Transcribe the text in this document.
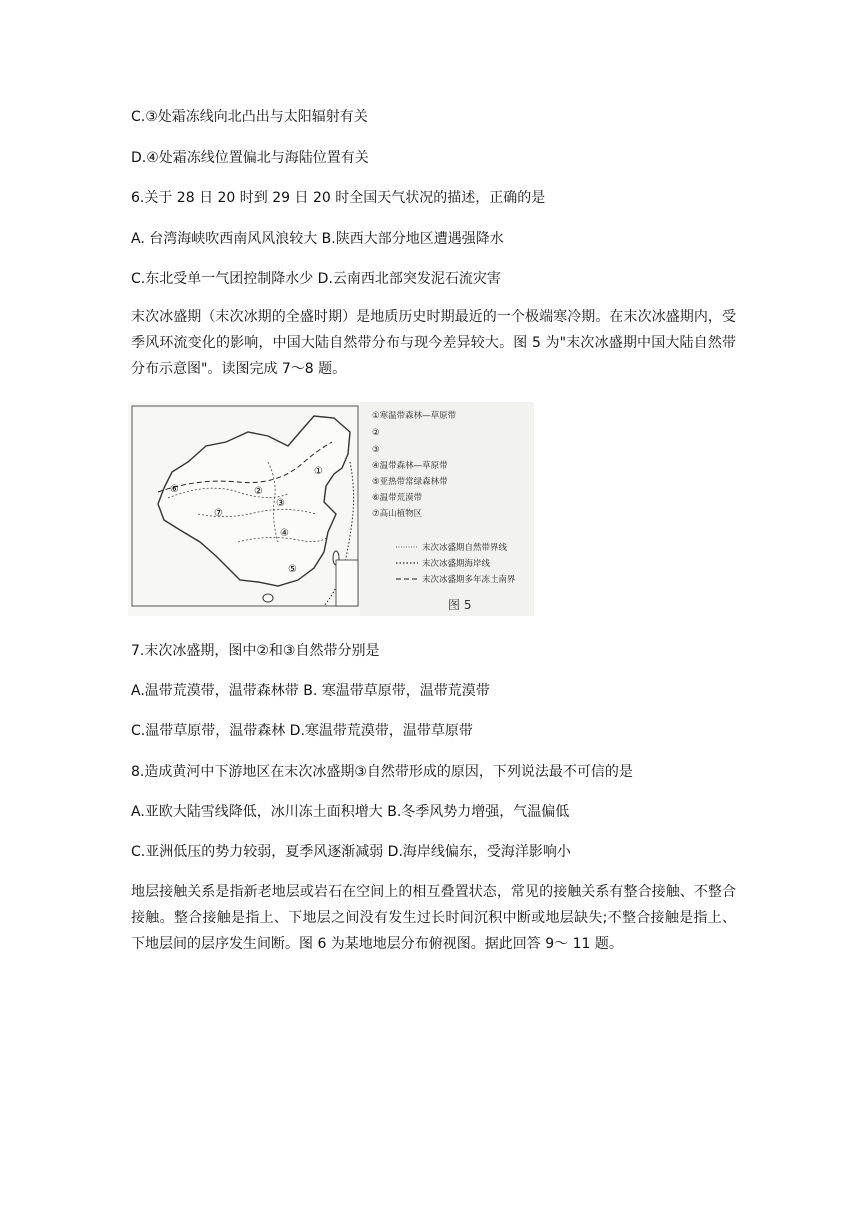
C.③处霜冻线向北凸出与太阳辐射有关
D.④处霜冻线位置偏北与海陆位置有关
6.关于 28 日 20 时到 29 日 20 时全国天气状况的描述，正确的是
A. 台湾海峡吹西南风风浪较大 B.陕西大部分地区遭遇强降水
C.东北受单一气团控制降水少 D.云南西北部突发泥石流灾害
末次冰盛期（末次冰期的全盛时期）是地质历史时期最近的一个极端寒冷期。在末次冰盛期内，受季风环流变化的影响，中国大陆自然带分布与现今差异较大。图 5 为"末次冰盛期中国大陆自然带分布示意图"。读图完成 7～8 题。
①
②
③
④
⑤
⑥
⑦
①寒温带森林—草原带
②
③
④温带森林—草原带
⑤亚热带常绿森林带
⑥温带荒漠带
⑦高山植物区
末次冰盛期自然带界线
末次冰盛期海岸线
末次冰盛期多年冻土南界
图 5
7.末次冰盛期，图中②和③自然带分别是
A.温带荒漠带，温带森林带 B. 寒温带草原带，温带荒漠带
C.温带草原带，温带森林 D.寒温带荒漠带，温带草原带
8.造成黄河中下游地区在末次冰盛期③自然带形成的原因，下列说法最不可信的是
A.亚欧大陆雪线降低，冰川冻土面积增大 B.冬季风势力增强，气温偏低
C.亚洲低压的势力较弱，夏季风逐渐减弱 D.海岸线偏东，受海洋影响小
地层接触关系是指新老地层或岩石在空间上的相互叠置状态，常见的接触关系有整合接触、不整合接触。整合接触是指上、下地层之间没有发生过长时间沉积中断或地层缺失;不整合接触是指上、下地层间的层序发生间断。图 6 为某地地层分布俯视图。据此回答 9～ 11 题。
